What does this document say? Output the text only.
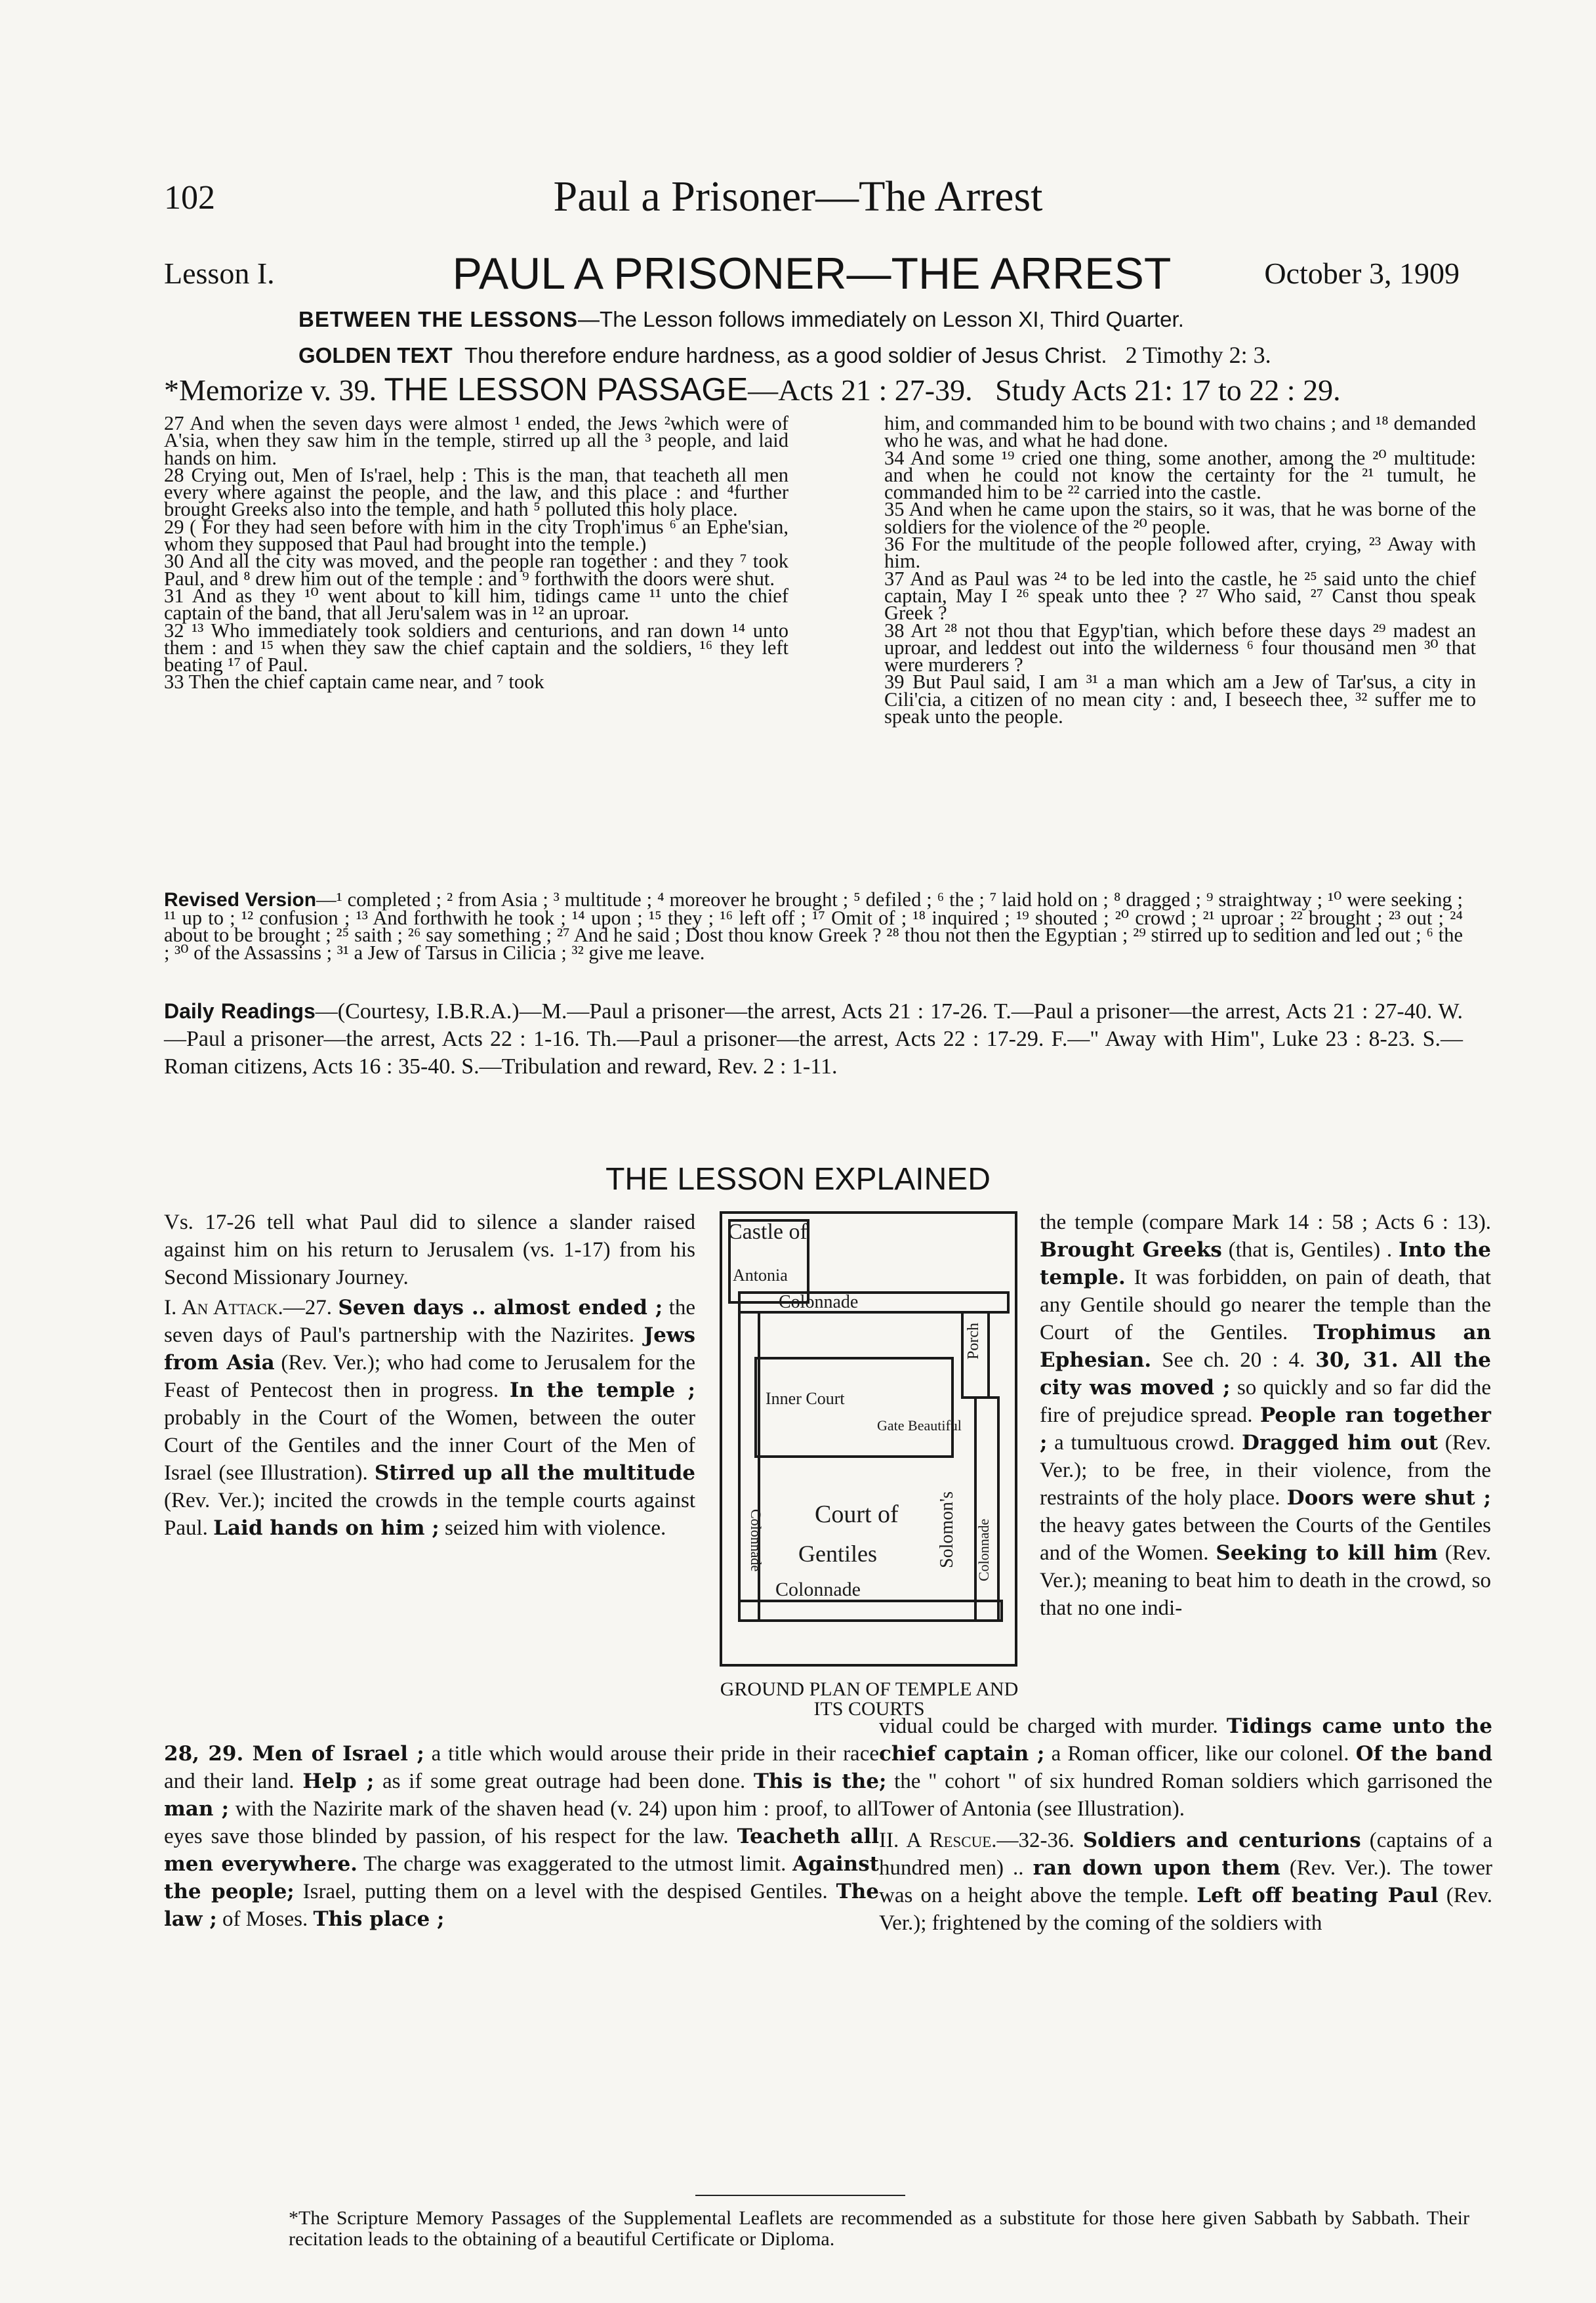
102	Paul a Prisoner—The Arrest
Lesson I.	PAUL A PRISONER—THE ARREST	October 3, 1909
BETWEEN THE LESSONS—The Lesson follows immediately on Lesson XI, Third Quarter.
GOLDEN TEXT Thou therefore endure hardness, as a good soldier of Jesus Christ. 2 Timothy 2: 3.
*Memorize v. 39. THE LESSON PASSAGE—Acts 21 : 27-39. Study Acts 21: 17 to 22 : 29.

27 And when the seven days were almost ¹ ended, the Jews ²which were of A'sia, when they saw him in the temple, stirred up all the ³ people, and laid hands on him.

28 Crying out, Men of Is'rael, help : This is the man, that teacheth all men every where against the people, and the law, and this place : and ⁴further brought Greeks also into the temple, and hath ⁵ polluted this holy place.

29 ( For they had seen before with him in the city Troph'imus ⁶ an Ephe'sian, whom they supposed that Paul had brought into the temple.)

30 And all the city was moved, and the people ran together : and they ⁷ took Paul, and ⁸ drew him out of the temple : and ⁹ forthwith the doors were shut.

31 And as they ¹⁰ went about to kill him, tidings came ¹¹ unto the chief captain of the band, that all Jeru'salem was in ¹² an uproar.

32 ¹³ Who immediately took soldiers and centurions, and ran down ¹⁴ unto them : and ¹⁵ when they saw the chief captain and the soldiers, ¹⁶ they left beating ¹⁷ of Paul.

33 Then the chief captain came near, and ⁷ took

him, and commanded him to be bound with two chains ; and ¹⁸ demanded who he was, and what he had done.

34 And some ¹⁹ cried one thing, some another, among the ²⁰ multitude: and when he could not know the certainty for the ²¹ tumult, he commanded him to be ²² carried into the castle.

35 And when he came upon the stairs, so it was, that he was borne of the soldiers for the violence of the ²⁰ people.

36 For the multitude of the people followed after, crying, ²³ Away with him.

37 And as Paul was ²⁴ to be led into the castle, he ²⁵ said unto the chief captain, May I ²⁶ speak unto thee ? ²⁷ Who said, ²⁷ Canst thou speak Greek ?

38 Art ²⁸ not thou that Egyp'tian, which before these days ²⁹ madest an uproar, and leddest out into the wilderness ⁶ four thousand men ³⁰ that were murderers ?

39 But Paul said, I am ³¹ a man which am a Jew of Tar'sus, a city in Cili'cia, a citizen of no mean city : and, I beseech thee, ³² suffer me to speak unto the people.

Revised Version—¹ completed ; ² from Asia ; ³ multitude ; ⁴ moreover he brought ; ⁵ defiled ; ⁶ the ; ⁷ laid hold on ; ⁸ dragged ; ⁹ straightway ; ¹⁰ were seeking ; ¹¹ up to ; ¹² confusion ; ¹³ And forthwith he took ; ¹⁴ upon ; ¹⁵ they ; ¹⁶ left off ; ¹⁷ Omit of ; ¹⁸ inquired ; ¹⁹ shouted ; ²⁰ crowd ; ²¹ uproar ; ²² brought ; ²³ out ; ²⁴ about to be brought ; ²⁵ saith ; ²⁶ say something ; ²⁷ And he said ; Dost thou know Greek ? ²⁸ thou not then the Egyptian ; ²⁹ stirred up to sedition and led out ; ⁶ the ; ³⁰ of the Assassins ; ³¹ a Jew of Tarsus in Cilicia ; ³² give me leave.
Daily Readings—(Courtesy, I.B.R.A.)—M.—Paul a prisoner—the arrest, Acts 21 : 17-26. T.—Paul a prisoner—the arrest, Acts 21 : 27-40. W.—Paul a prisoner—the arrest, Acts 22 : 1-16. Th.—Paul a prisoner—the arrest, Acts 22 : 17-29. F.—" Away with Him", Luke 23 : 8-23. S.—Roman citizens, Acts 16 : 35-40. S.—Tribulation and reward, Rev. 2 : 1-11.
THE LESSON EXPLAINED

Vs. 17-26 tell what Paul did to silence a slander raised against him on his return to Jerusalem (vs. 1-17) from his Second Missionary Journey.

I. An Attack.—27. Seven days .. almost ended ; the seven days of Paul's partnership with the Nazirites. Jews from Asia (Rev. Ver.); who had come to Jerusalem for the Feast of Pentecost then in progress. In the temple ; probably in the Court of the Women, between the outer Court of the Gentiles and the inner Court of the Men of Israel (see Illustration). Stirred up all the multitude (Rev. Ver.); incited the crowds in the temple courts against Paul. Laid hands on him ; seized him with violence.

the temple (compare Mark 14 : 58 ; Acts 6 : 13). Brought Greeks (that is, Gentiles) . Into the temple. It was forbidden, on pain of death, that any Gentile should go nearer the temple than the Court of the Gentiles. Trophimus an Ephesian. See ch. 20 : 4. 30, 31. All the city was moved ; so quickly and so far did the fire of prejudice spread. People ran together ; a tumultuous crowd. Dragged him out (Rev. Ver.); to be free, in their violence, from the restraints of the holy place. Doors were shut ; the heavy gates between the Courts of the Gentiles and of the Women. Seeking to kill him (Rev. Ver.); meaning to beat him to death in the crowd, so that no one indi-

28, 29. Men of Israel ; a title which would arouse their pride in their race and their land. Help ; as if some great outrage had been done. This is the man ; with the Nazirite mark of the shaven head (v. 24) upon him : proof, to all eyes save those blinded by passion, of his respect for the law. Teacheth all men everywhere. The charge was exaggerated to the utmost limit. Against the people; Israel, putting them on a level with the despised Gentiles. The law ; of Moses. This place ;

vidual could be charged with murder. Tidings came unto the chief captain ; a Roman officer, like our colonel. Of the band ; the " cohort " of six hundred Roman soldiers which garrisoned the Tower of Antonia (see Illustration).

II. A Rescue.—32-36. Soldiers and centurions (captains of a hundred men) .. ran down upon them (Rev. Ver.). The tower was on a height above the temple. Left off beating Paul (Rev. Ver.); frightened by the coming of the soldiers with

Castle of
Antonia
Colonnade
Porch
Inner Court
Gate Beautiful
Court of
Gentiles	Solomon's Colonnade
Colonnade
Colonnade
GROUND PLAN OF TEMPLE AND ITS COURTS
*The Scripture Memory Passages of the Supplemental Leaflets are recommended as a substitute for those here given Sabbath by Sabbath. Their recitation leads to the obtaining of a beautiful Certificate or Diploma.
